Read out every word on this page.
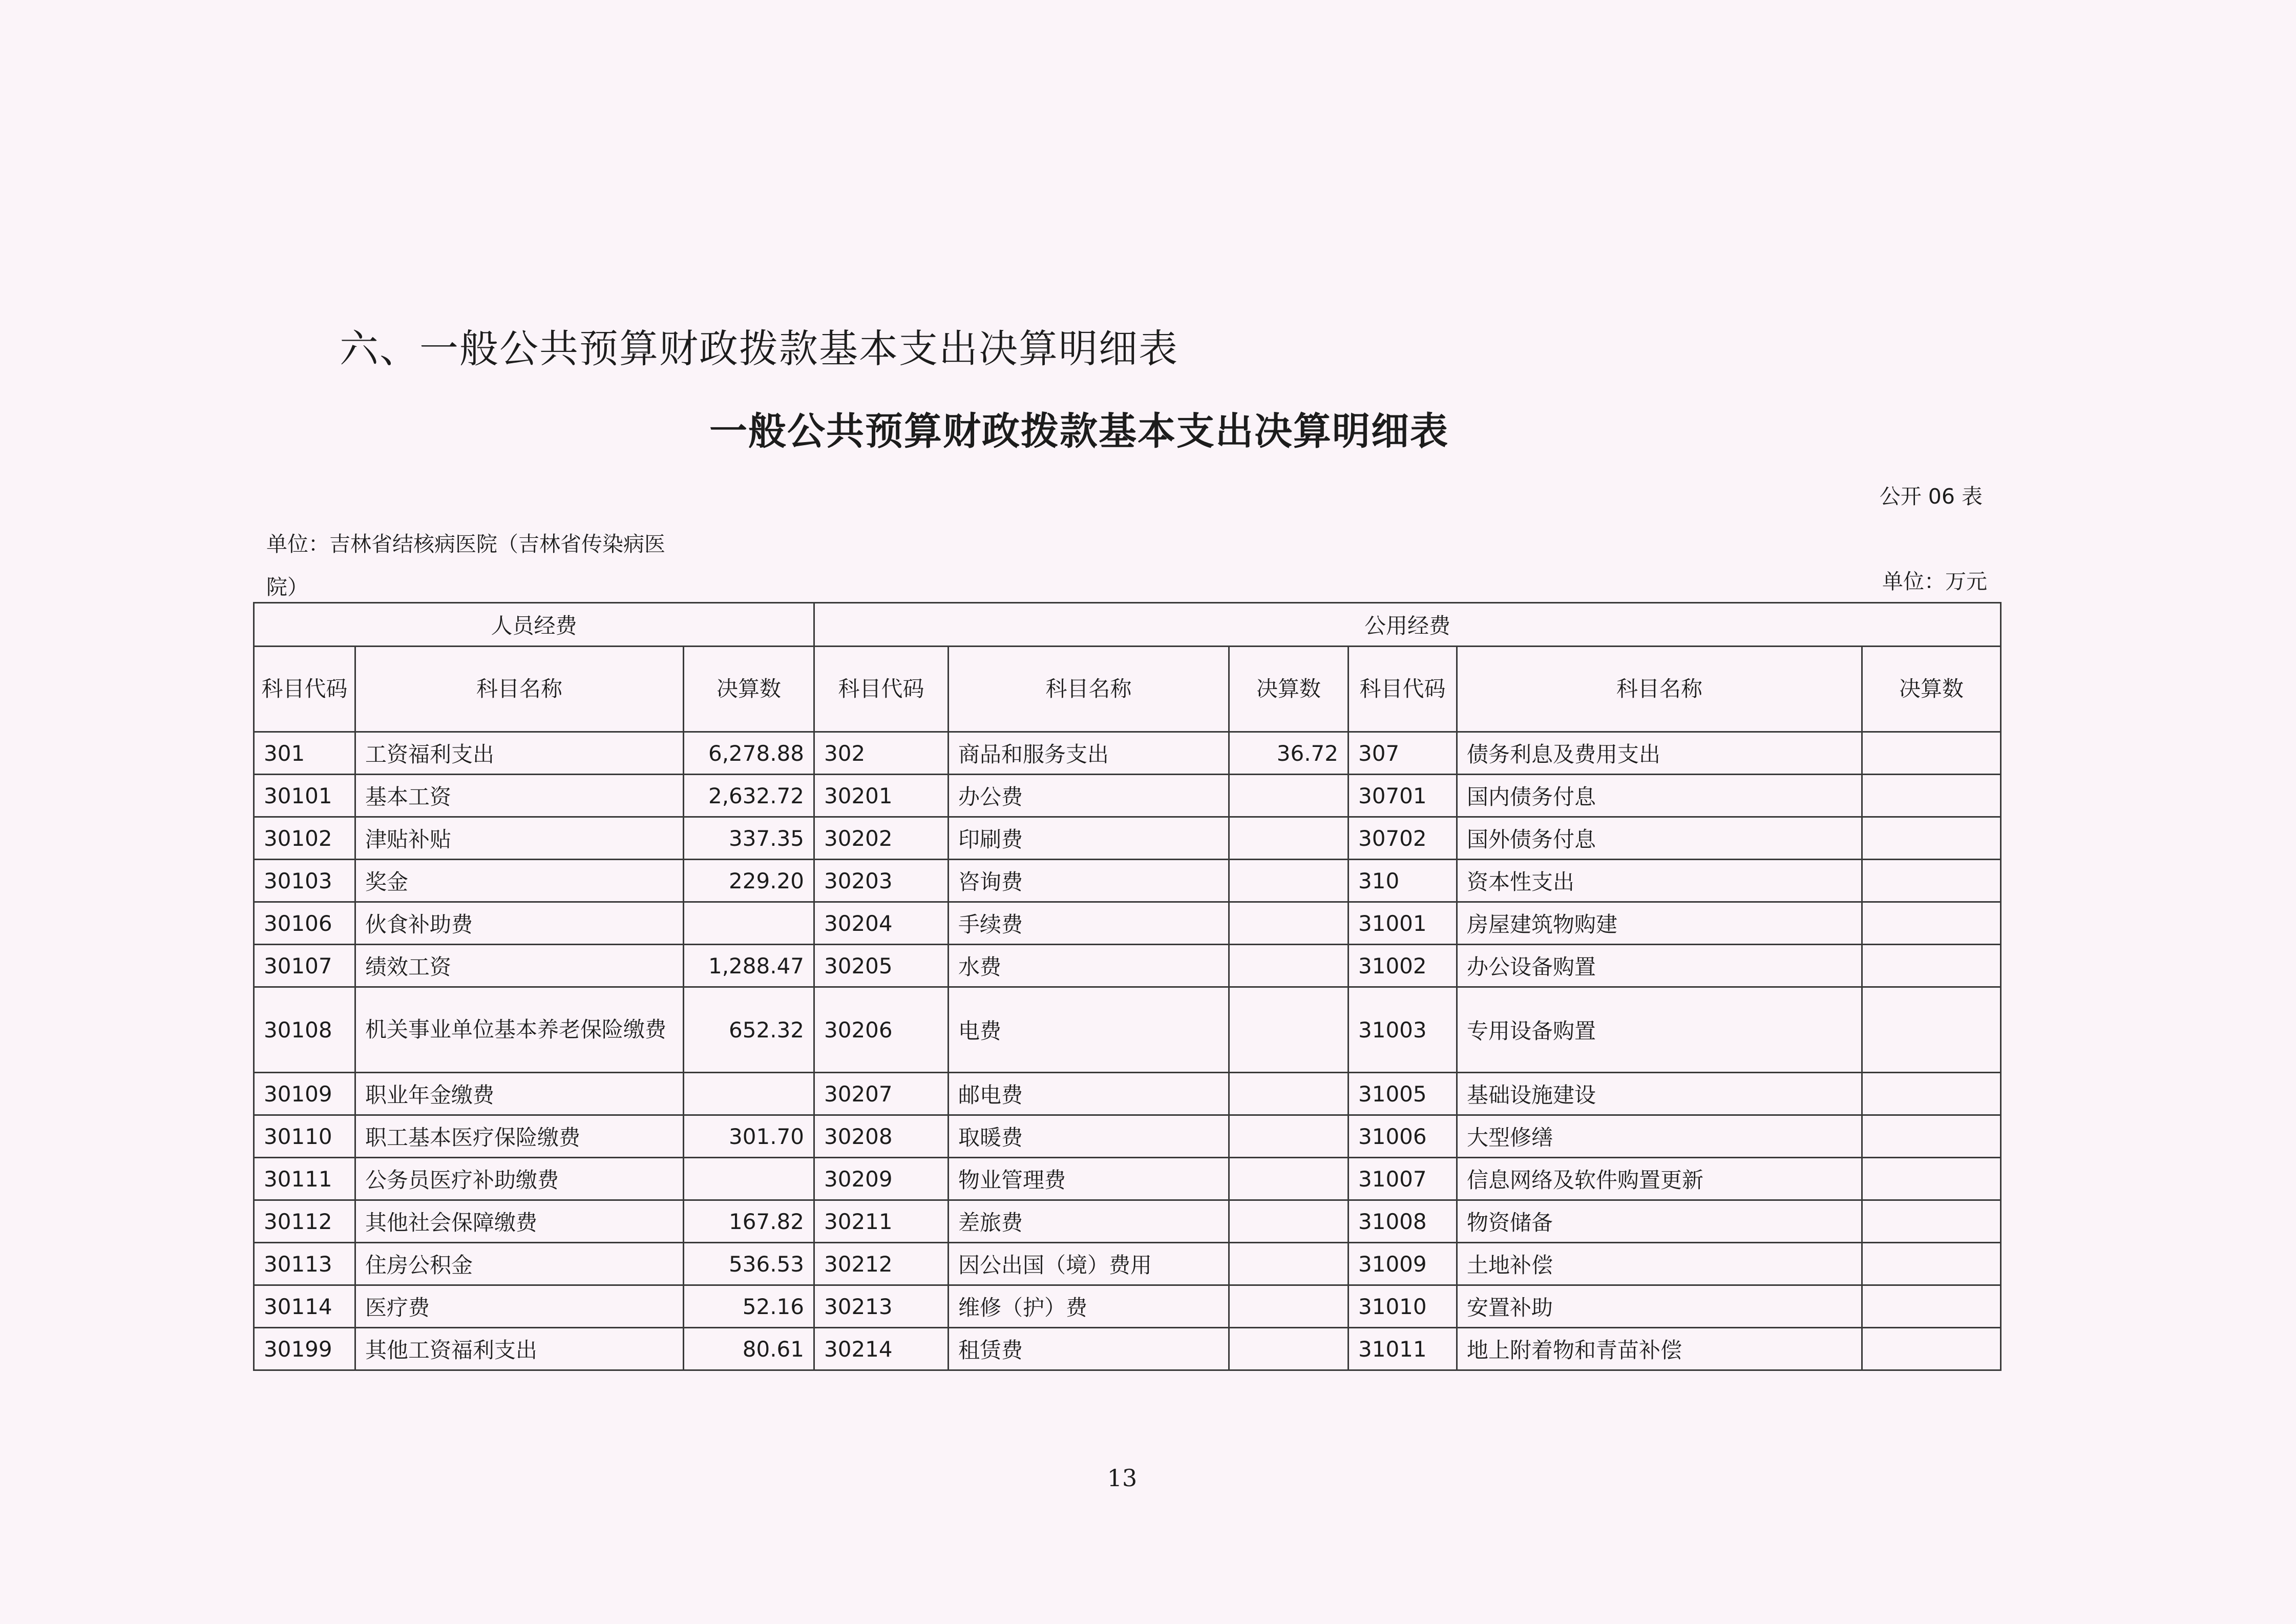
六、一般公共预算财政拨款基本支出决算明细表
一般公共预算财政拨款基本支出决算明细表
公开 06 表
单位：吉林省结核病医院（吉林省传染病医院）	单位：万元
人员经费			公用经费					
科目代码	科目名称	决算数	科目代码	科目名称	决算数	科目代码	科目名称	决算数
301	工资福利支出	6,278.88	302	商品和服务支出	36.72	307	债务利息及费用支出	
30101	基本工资	2,632.72	30201	办公费		30701	国内债务付息	
30102	津贴补贴	337.35	30202	印刷费		30702	国外债务付息	
30103	奖金	229.20	30203	咨询费		310	资本性支出	
30106	伙食补助费		30204	手续费		31001	房屋建筑物购建	
30107	绩效工资	1,288.47	30205	水费		31002	办公设备购置	
30108	机关事业单位基本养老保险缴费	652.32	30206	电费		31003	专用设备购置	
30109	职业年金缴费		30207	邮电费		31005	基础设施建设	
30110	职工基本医疗保险缴费	301.70	30208	取暖费		31006	大型修缮	
30111	公务员医疗补助缴费		30209	物业管理费		31007	信息网络及软件购置更新	
30112	其他社会保障缴费	167.82	30211	差旅费		31008	物资储备	
30113	住房公积金	536.53	30212	因公出国（境）费用		31009	土地补偿	
30114	医疗费	52.16	30213	维修（护）费		31010	安置补助	
30199	其他工资福利支出	80.61	30214	租赁费		31011	地上附着物和青苗补偿	
13
